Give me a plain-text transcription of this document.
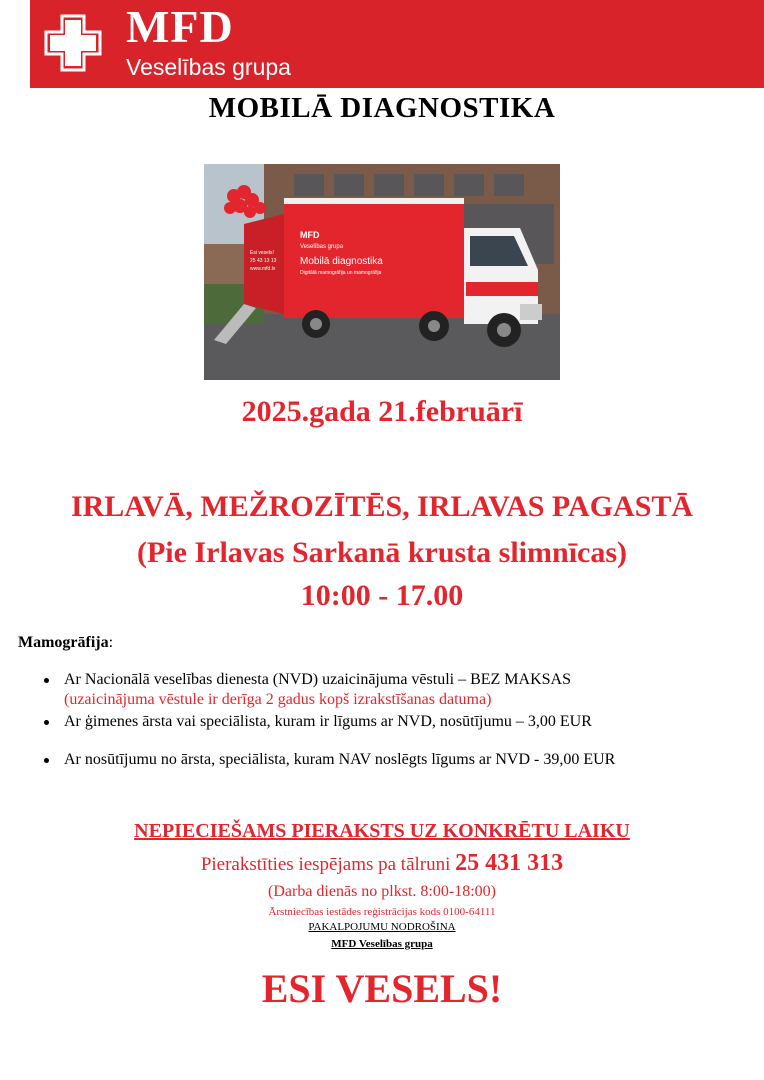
MFD
Veselības grupa
MOBILĀ DIAGNOSTIKA
MFD
Veselības grupa
Mobilā diagnostika
Digitālā mamogrāfija un mamogrāfija
Esi vesels!
25 43 13 13
www.mfd.lv
2025.gada 21.februārī
IRLAVĀ, MEŽROZĪTĒS, IRLAVAS PAGASTĀ
(Pie Irlavas Sarkanā krusta slimnīcas)
10:00 - 17.00
Mamogrāfija:
Ar Nacionālā veselības dienesta (NVD) uzaicinājuma vēstuli – BEZ MAKSAS
(uzaicinājuma vēstule ir derīga 2 gadus kopš izrakstīšanas datuma)
Ar ģimenes ārsta vai speciālista, kuram ir līgums ar NVD, nosūtījumu – 3,00 EUR
Ar nosūtījumu no ārsta, speciālista, kuram NAV noslēgts līgums ar NVD - 39,00 EUR
NEPIECIEŠAMS PIERAKSTS UZ KONKRĒTU LAIKU
Pierakstīties iespējams pa tālruni 25 431 313
(Darba dienās no plkst. 8:00-18:00)
Ārstniecības iestādes reģistrācijas kods 0100-64111
PAKALPOJUMU NODROŠINA
MFD Veselības grupa
ESI VESELS!
